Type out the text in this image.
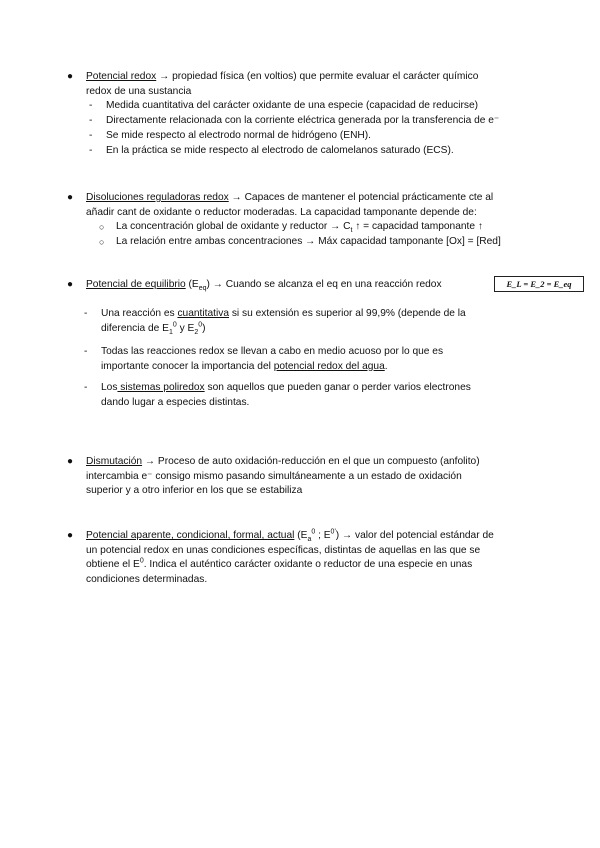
● Potencial redox → propiedad física (en voltios) que permite evaluar el carácter químico
redox de una sustancia
- Medida cuantitativa del carácter oxidante de una especie (capacidad de reducirse)
- Directamente relacionada con la corriente eléctrica generada por la transferencia de e⁻
- Se mide respecto al electrodo normal de hidrógeno (ENH).
- En la práctica se mide respecto al electrodo de calomelanos saturado (ECS).
● Disoluciones reguladoras redox → Capaces de mantener el potencial prácticamente cte al
añadir cant de oxidante o reductor moderadas. La capacidad tamponante depende de:
○ La concentración global de oxidante y reductor → $C_t$ ↑ = capacidad tamponante ↑
○ La relación entre ambas concentraciones → Máx capacidad tamponante [Ox] = [Red]
● Potencial de equilibrio $(E_{eq})$ → Cuando se alcanza el eq en una reacción redox	E_L = E_2 = E_eq
- Una reacción es cuantitativa si su extensión es superior al 99,9% (depende de la
diferencia de $E_1^0$ y $E_2^0$)
- Todas las reacciones redox se llevan a cabo en medio acuoso por lo que es
importante conocer la importancia del potencial redox del agua.
- Los sistemas poliredox son aquellos que pueden ganar o perder varios electrones
dando lugar a especies distintas.
● Dismutación → Proceso de auto oxidación-reducción en el que un compuesto (anfolito)
intercambia e⁻ consigo mismo pasando simultáneamente a un estado de oxidación
superior y a otro inferior en los que se estabiliza
● Potencial aparente, condicional, formal, actual ($E_a^0$ ; $E^{0'}$) → valor del potencial estándar de
un potencial redox en unas condiciones específicas, distintas de aquellas en las que se
obtiene el $E^0$. Indica el auténtico carácter oxidante o reductor de una especie en unas
condiciones determinadas.
